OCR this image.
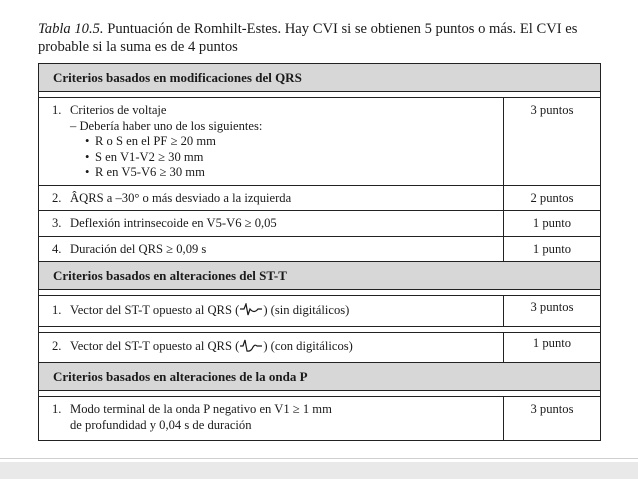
Tabla 10.5. Puntuación de Romhilt-Estes. Hay CVI si se obtienen 5 puntos o más. El CVI es probable si la suma es de 4 puntos
Criterios basados en modificaciones del QRS	

1. Criterios de voltaje
– Debería haber uno de los siguientes:
• R o S en el PF ≥ 20 mm
• S en V1-V2 ≥ 30 mm
• R en V5-V6 ≥ 30 mm	3 puntos
2. ÂQRS a –30° o más desviado a la izquierda	2 puntos
3. Deflexión intrinsecoide en V5-V6 ≥ 0,05	1 punto
4. Duración del QRS ≥ 0,09 s	1 punto
Criterios basados en alteraciones del ST-T	

1. Vector del ST-T opuesto al QRS ( ) (sin digitálicos)	3 puntos

2. Vector del ST-T opuesto al QRS ( ) (con digitálicos)	1 punto
Criterios basados en alteraciones de la onda P	

1. Modo terminal de la onda P negativo en V1 ≥ 1 mm
de profundidad y 0,04 s de duración	3 puntos
